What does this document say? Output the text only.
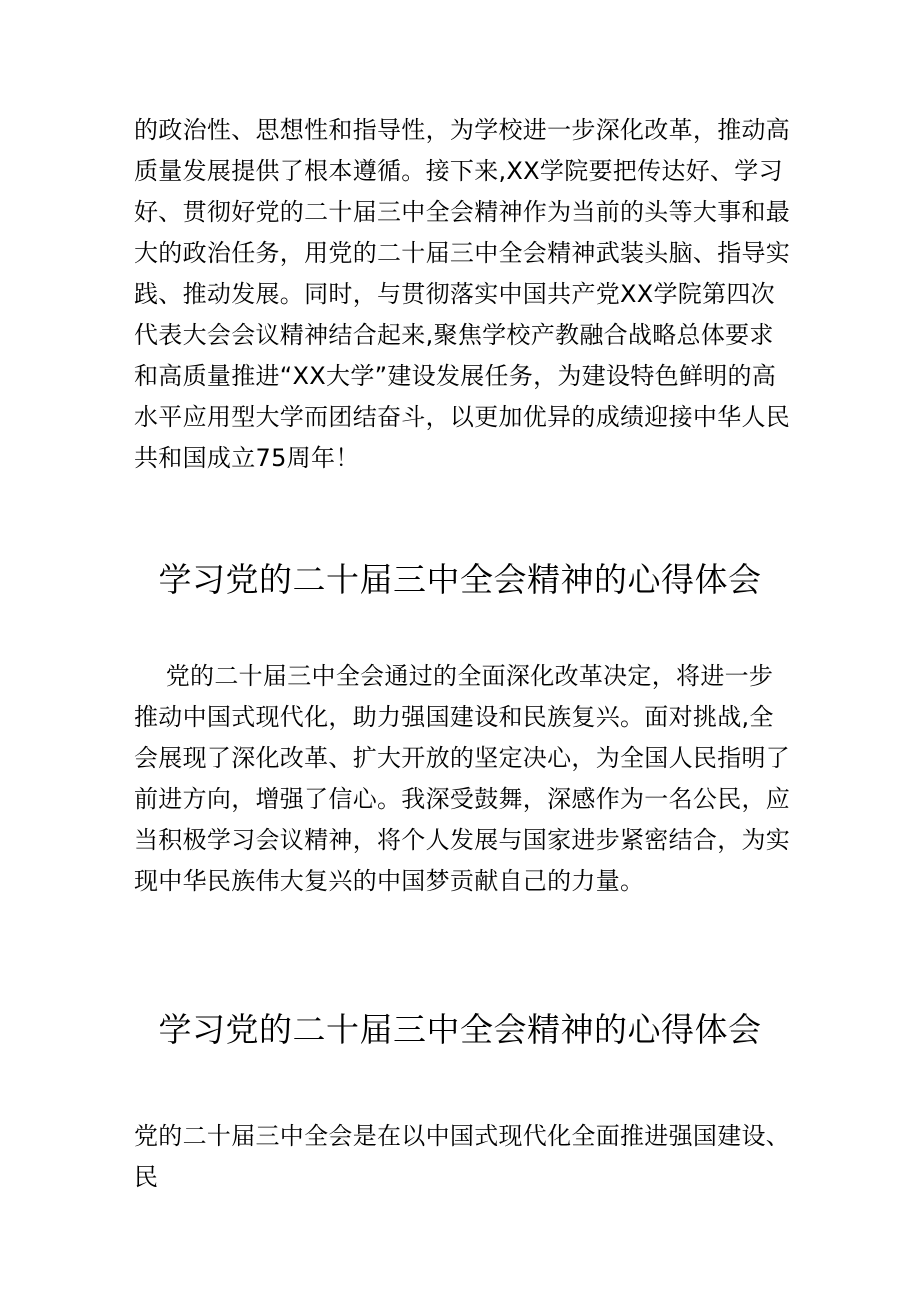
的政治性、思想性和指导性，为学校进一步深化改革，推动高质量发展提供了根本遵循。接下来,XX学院要把传达好、学习好、贯彻好党的二十届三中全会精神作为当前的头等大事和最大的政治任务，用党的二十届三中全会精神武装头脑、指导实践、推动发展。同时，与贯彻落实中国共产党XX学院第四次代表大会会议精神结合起来,聚焦学校产教融合战略总体要求和高质量推进“XX大学”建设发展任务，为建设特色鲜明的高水平应用型大学而团结奋斗，以更加优异的成绩迎接中华人民共和国成立75周年！

学习党的二十届三中全会精神的心得体会

党的二十届三中全会通过的全面深化改革决定，将进一步推动中国式现代化，助力强国建设和民族复兴。面对挑战,全会展现了深化改革、扩大开放的坚定决心，为全国人民指明了前进方向，增强了信心。我深受鼓舞，深感作为一名公民，应当积极学习会议精神，将个人发展与国家进步紧密结合，为实现中华民族伟大复兴的中国梦贡献自己的力量。

学习党的二十届三中全会精神的心得体会

党的二十届三中全会是在以中国式现代化全面推进强国建设、民
